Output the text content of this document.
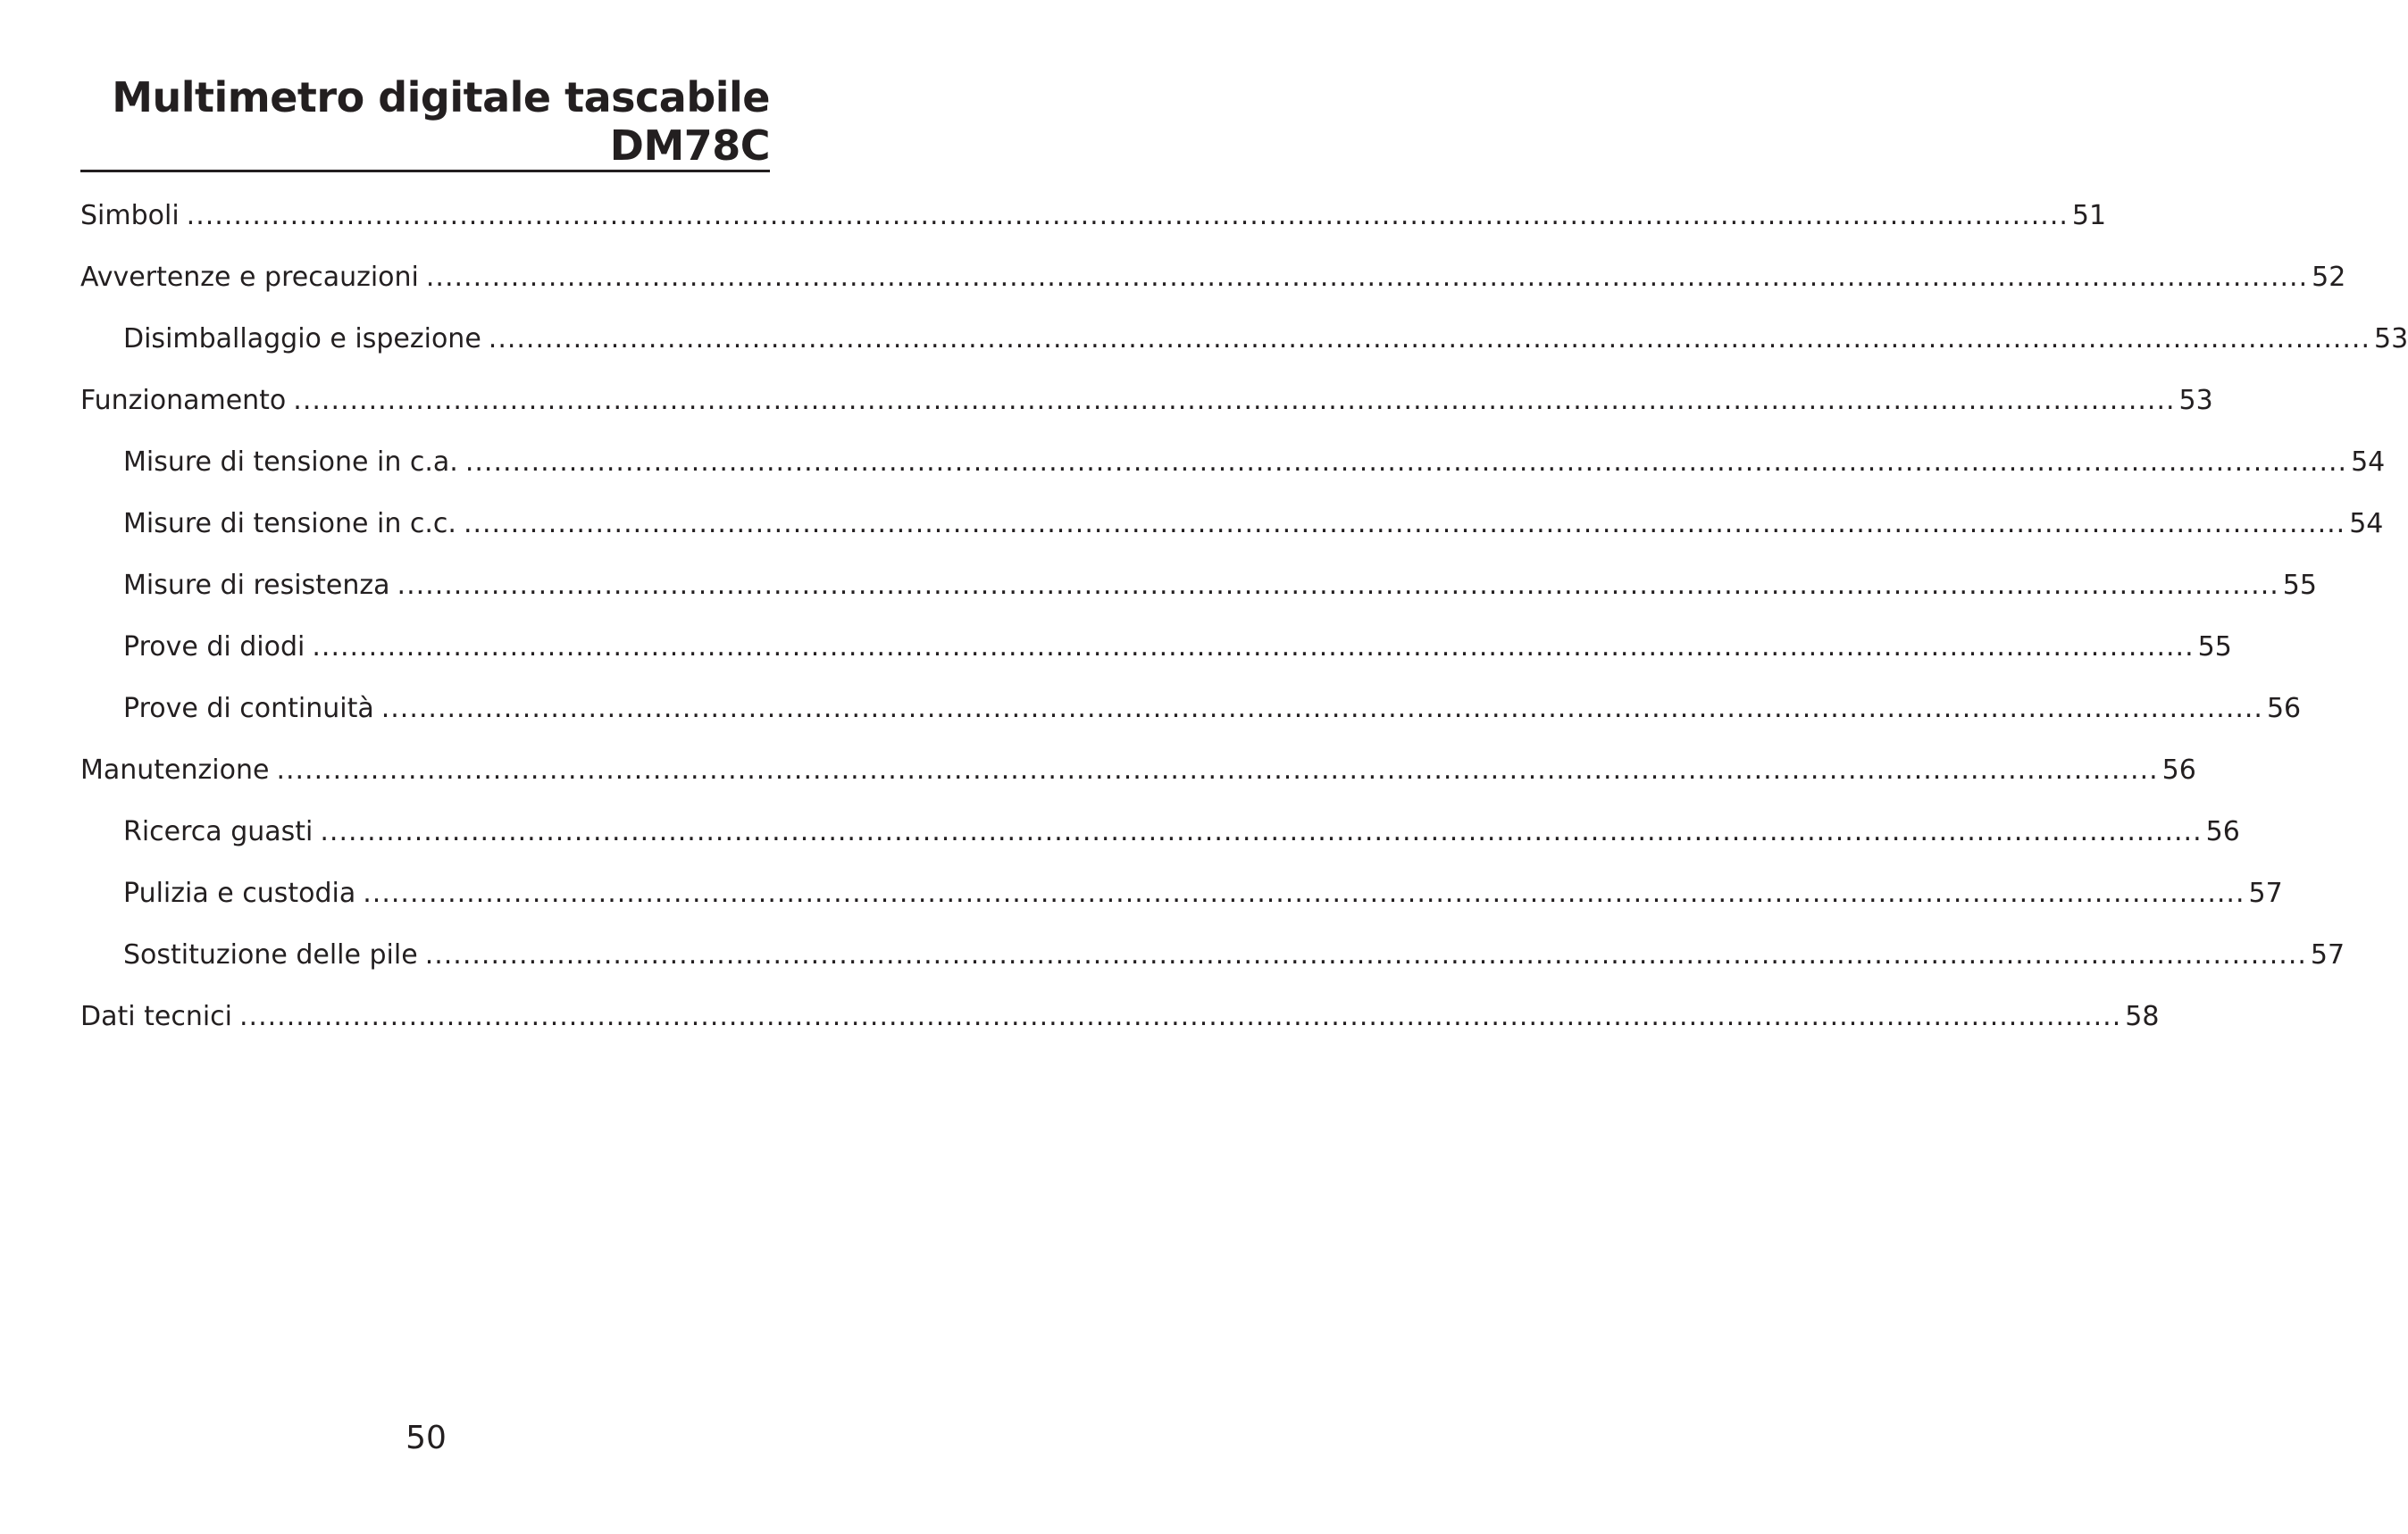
Multimetro digitale tascabile
DM78C
Simboli ........................................................................................................................................................................................................ 51
Avvertenze e precauzioni ........................................................................................................................................................................................................ 52
Disimballaggio e ispezione ........................................................................................................................................................................................................ 53
Funzionamento ........................................................................................................................................................................................................ 53
Misure di tensione in c.a. ........................................................................................................................................................................................................ 54
Misure di tensione in c.c. ........................................................................................................................................................................................................ 54
Misure di resistenza ........................................................................................................................................................................................................ 55
Prove di diodi ........................................................................................................................................................................................................ 55
Prove di continuità ........................................................................................................................................................................................................ 56
Manutenzione ........................................................................................................................................................................................................ 56
Ricerca guasti ........................................................................................................................................................................................................ 56
Pulizia e custodia ........................................................................................................................................................................................................ 57
Sostituzione delle pile ........................................................................................................................................................................................................ 57
Dati tecnici ........................................................................................................................................................................................................ 58
50
